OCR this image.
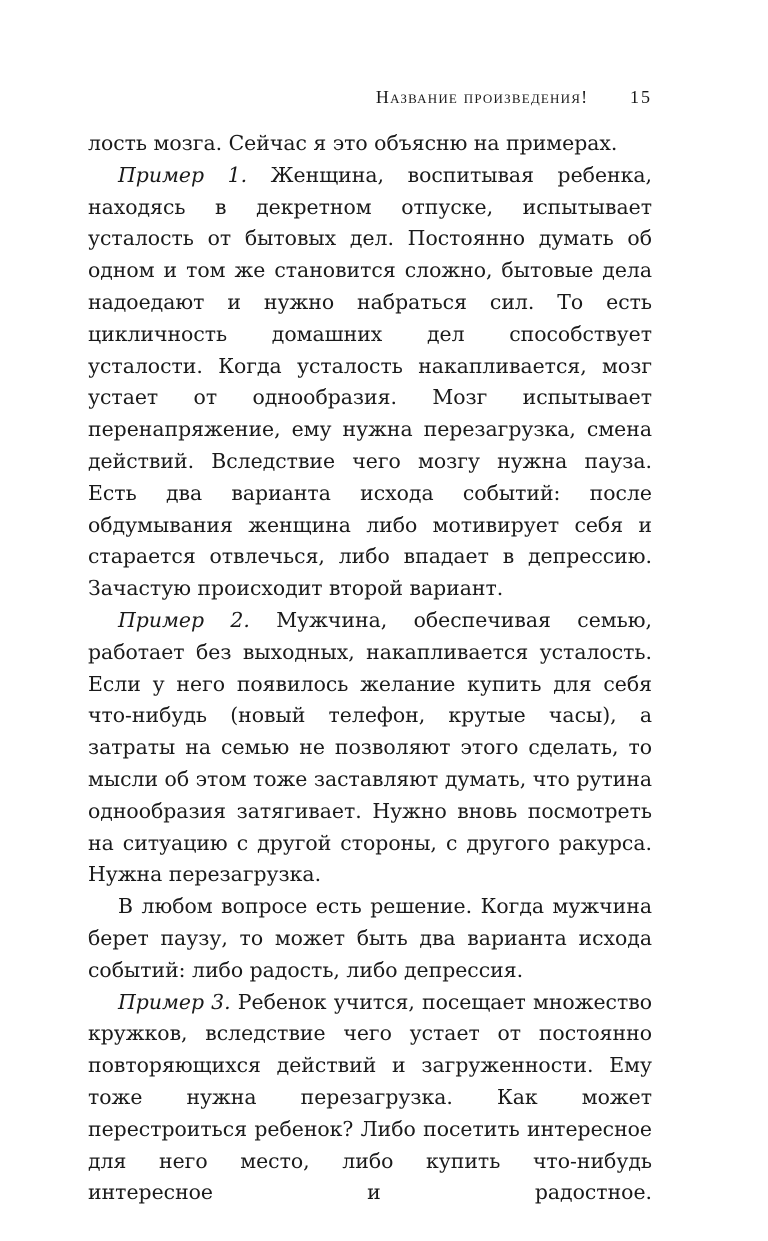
Название произведения! 15

лость мозга. Сейчас я это объясню на примерах.

Пример 1. Женщина, воспитывая ребенка, находясь в декретном отпуске, испытывает усталость от бытовых дел. Постоянно думать об одном и том же становится сложно, бытовые дела надоедают и нужно набраться сил. То есть цикличность домашних дел способствует усталости. Когда усталость накапливается, мозг устает от однообразия. Мозг испытывает перенапряжение, ему нужна перезагрузка, смена действий. Вследствие чего мозгу нужна пауза. Есть два варианта исхода событий: после обдумывания женщина либо мотивирует себя и старается отвлечься, либо впадает в депрессию. Зачастую происходит второй вариант.

Пример 2. Мужчина, обеспечивая семью, работает без выходных, накапливается усталость. Если у него появилось желание купить для себя что-нибудь (новый телефон, крутые часы), а затраты на семью не позволяют этого сделать, то мысли об этом тоже заставляют думать, что рутина однообразия затягивает. Нужно вновь посмотреть на ситуацию с другой стороны, с другого ракурса. Нужна перезагрузка.

В любом вопросе есть решение. Когда мужчина берет паузу, то может быть два варианта исхода событий: либо радость, либо депрессия.

Пример 3. Ребенок учится, посещает множество кружков, вследствие чего устает от постоянно повторяющихся действий и загруженности. Ему тоже нужна перезагрузка. Как может перестроиться ребенок? Либо посетить интересное для него место, либо купить что-нибудь интересное и радостное.
